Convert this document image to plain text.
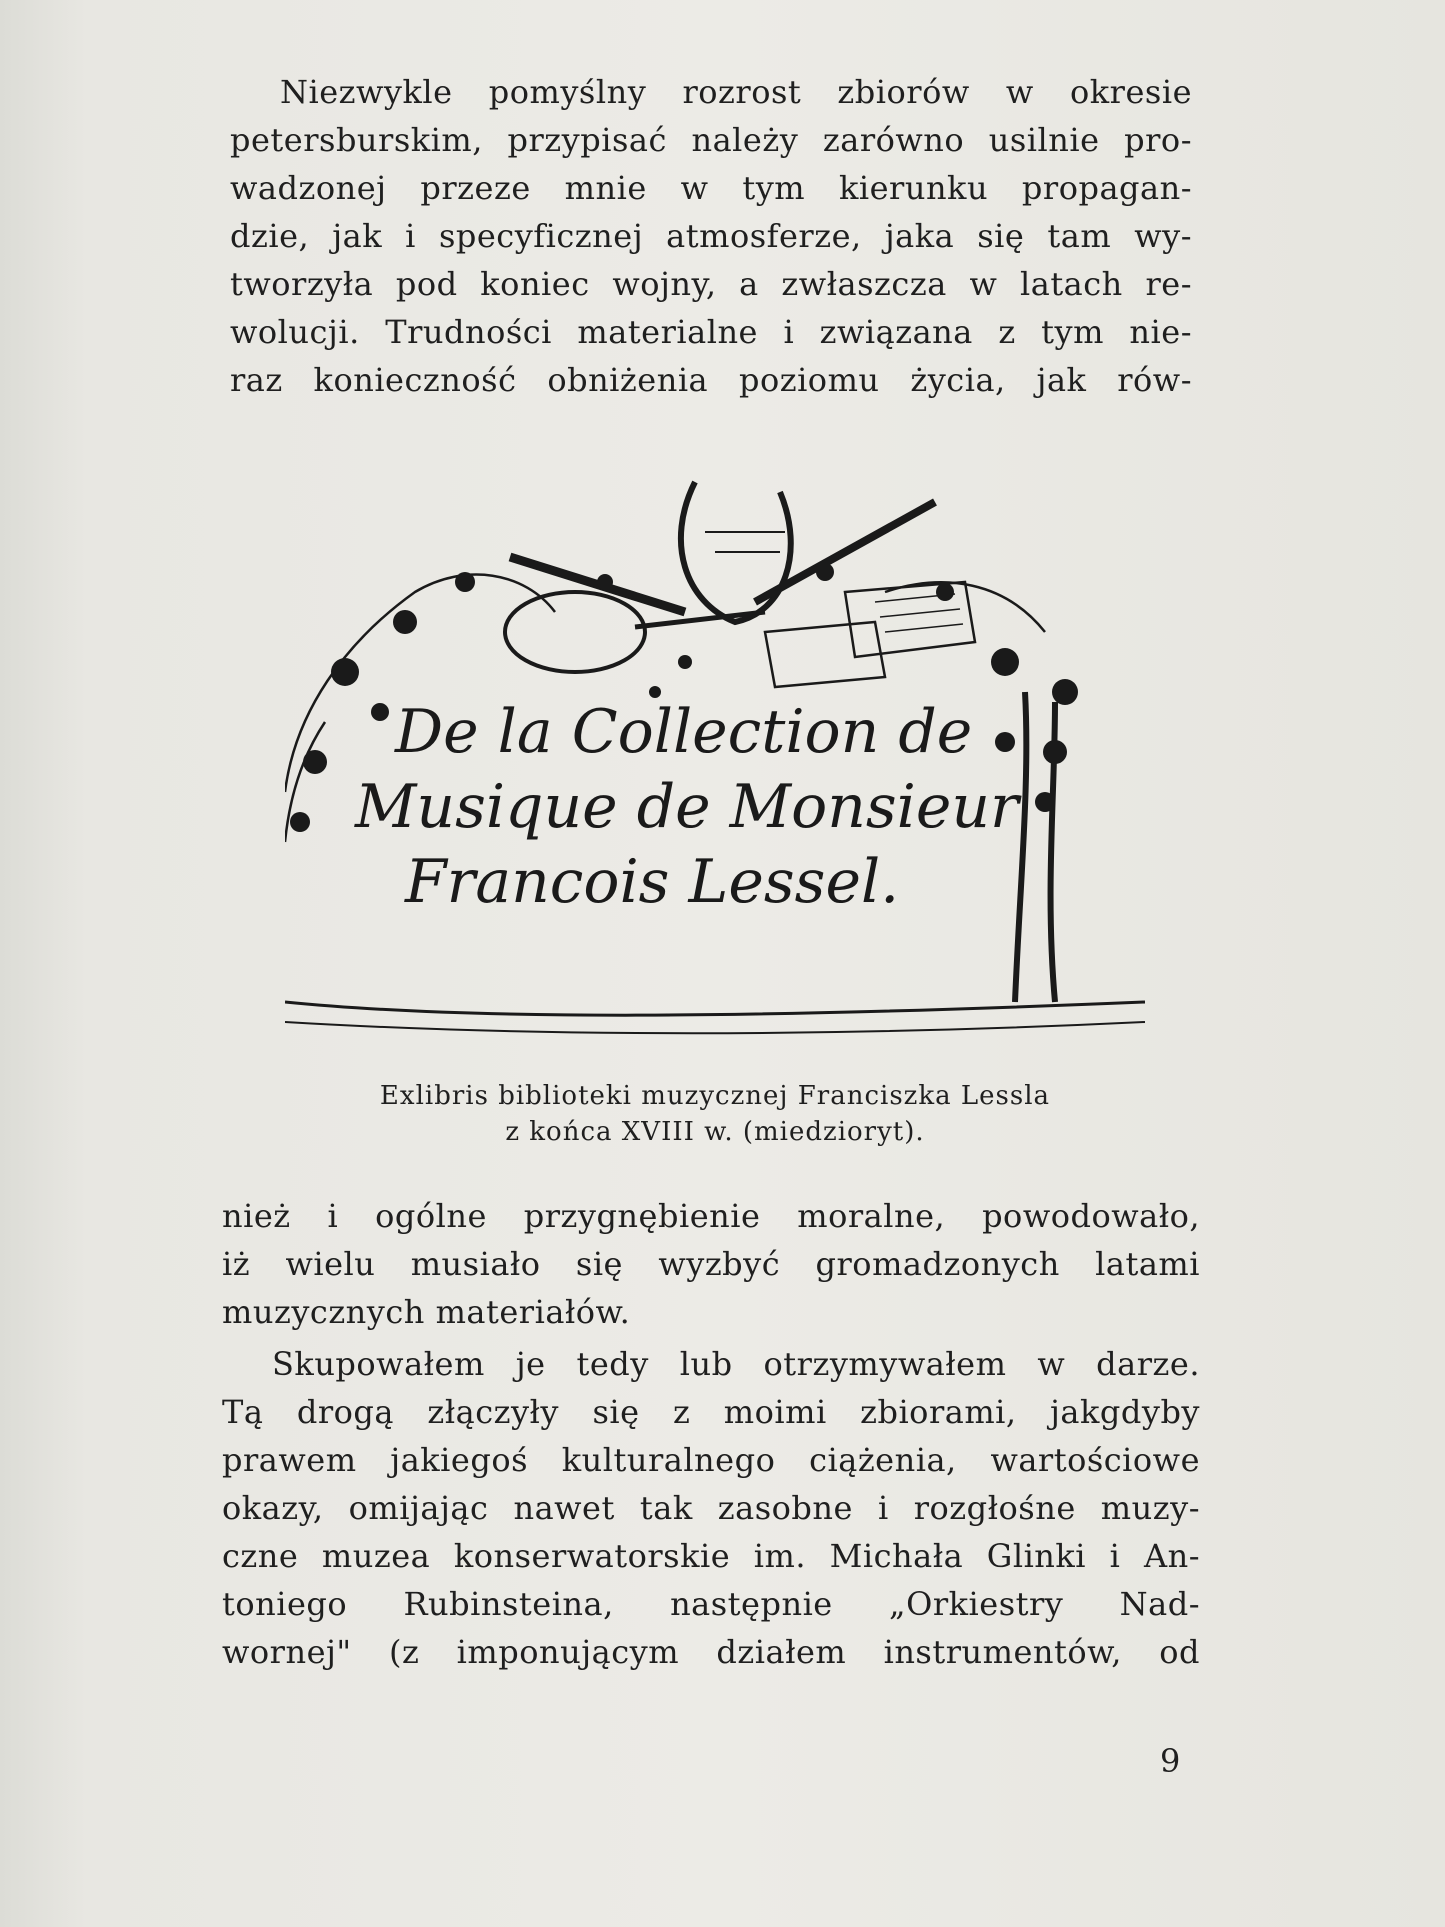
Niezwykle pomyślny rozrost zbiorów w okresie
petersburskim, przypisać należy zarówno usilnie pro-
wadzonej przeze mnie w tym kierunku propagan-
dzie, jak i specyficznej atmosferze, jaka się tam wy-
tworzyła pod koniec wojny, a zwłaszcza w latach re-
wolucji. Trudności materialne i związana z tym nie-
raz konieczność obniżenia poziomu życia, jak rów-
De la Collection de
Musique de Monsieur
Francois Lessel.
Exlibris biblioteki muzycznej Franciszka Lessla
z końca XVIII w. (miedzioryt).
nież i ogólne przygnębienie moralne, powodowało,
iż wielu musiało się wyzbyć gromadzonych latami
muzycznych materiałów.
Skupowałem je tedy lub otrzymywałem w darze.
Tą drogą złączyły się z moimi zbiorami, jakgdyby
prawem jakiegoś kulturalnego ciążenia, wartościowe
okazy, omijając nawet tak zasobne i rozgłośne muzy-
czne muzea konserwatorskie im. Michała Glinki i An-
toniego Rubinsteina, następnie „Orkiestry Nad-
wornej" (z imponującym działem instrumentów, od
9
